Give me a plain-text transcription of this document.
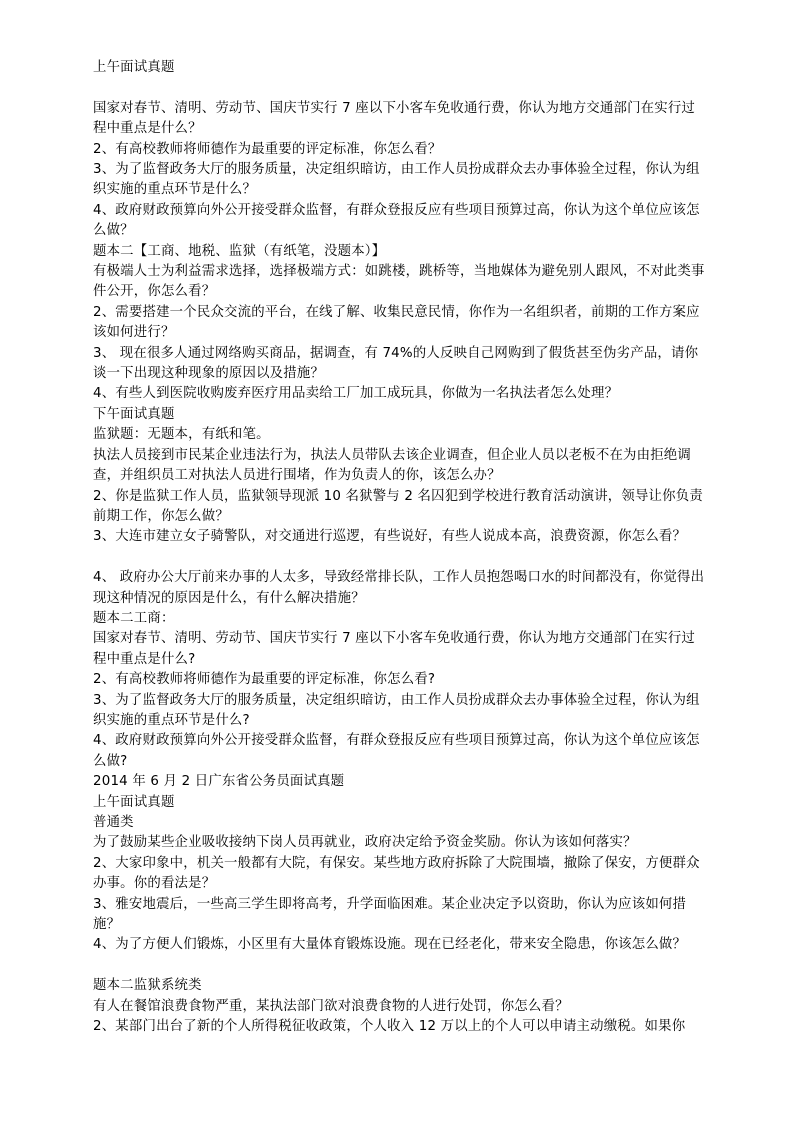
上午面试真题

国家对春节、清明、劳动节、国庆节实行 7 座以下小客车免收通行费，你认为地方交通部门在实行过程中重点是什么？

2、有高校教师将师德作为最重要的评定标准，你怎么看？

3、为了监督政务大厅的服务质量，决定组织暗访，由工作人员扮成群众去办事体验全过程，你认为组织实施的重点环节是什么？

4、政府财政预算向外公开接受群众监督，有群众登报反应有些项目预算过高，你认为这个单位应该怎么做？

题本二【工商、地税、监狱（有纸笔，没题本）】

有极端人士为利益需求选择，选择极端方式：如跳楼，跳桥等，当地媒体为避免别人跟风，不对此类事件公开，你怎么看？

2、需要搭建一个民众交流的平台，在线了解、收集民意民情，你作为一名组织者，前期的工作方案应该如何进行？

3、 现在很多人通过网络购买商品，据调查，有 74%的人反映自己网购到了假货甚至伪劣产品，请你谈一下出现这种现象的原因以及措施？

4、有些人到医院收购废弃医疗用品卖给工厂加工成玩具，你做为一名执法者怎么处理？

下午面试真题

监狱题：无题本，有纸和笔。

执法人员接到市民某企业违法行为，执法人员带队去该企业调查，但企业人员以老板不在为由拒绝调查，并组织员工对执法人员进行围堵，作为负责人的你，该怎么办？

2、你是监狱工作人员，监狱领导现派 10 名狱警与 2 名囚犯到学校进行教育活动演讲，领导让你负责前期工作，你怎么做？

3、大连市建立女子骑警队，对交通进行巡逻，有些说好，有些人说成本高，浪费资源，你怎么看？

4、 政府办公大厅前来办事的人太多，导致经常排长队，工作人员抱怨喝口水的时间都没有，你觉得出现这种情况的原因是什么，有什么解决措施？

题本二工商：

国家对春节、清明、劳动节、国庆节实行 7 座以下小客车免收通行费，你认为地方交通部门在实行过程中重点是什么?

2、有高校教师将师德作为最重要的评定标准，你怎么看?

3、为了监督政务大厅的服务质量，决定组织暗访，由工作人员扮成群众去办事体验全过程，你认为组织实施的重点环节是什么?

4、政府财政预算向外公开接受群众监督，有群众登报反应有些项目预算过高，你认为这个单位应该怎么做?

2014 年 6 月 2 日广东省公务员面试真题

上午面试真题

普通类

为了鼓励某些企业吸收接纳下岗人员再就业，政府决定给予资金奖励。你认为该如何落实？

2、大家印象中，机关一般都有大院，有保安。某些地方政府拆除了大院围墙，撤除了保安，方便群众办事。你的看法是？

3、雅安地震后，一些高三学生即将高考，升学面临困难。某企业决定予以资助，你认为应该如何措施？

4、为了方便人们锻炼，小区里有大量体育锻炼设施。现在已经老化，带来安全隐患，你该怎么做？

题本二监狱系统类

有人在餐馆浪费食物严重，某执法部门欲对浪费食物的人进行处罚，你怎么看？

2、某部门出台了新的个人所得税征收政策，个人收入 12 万以上的个人可以申请主动缴税。如果你
